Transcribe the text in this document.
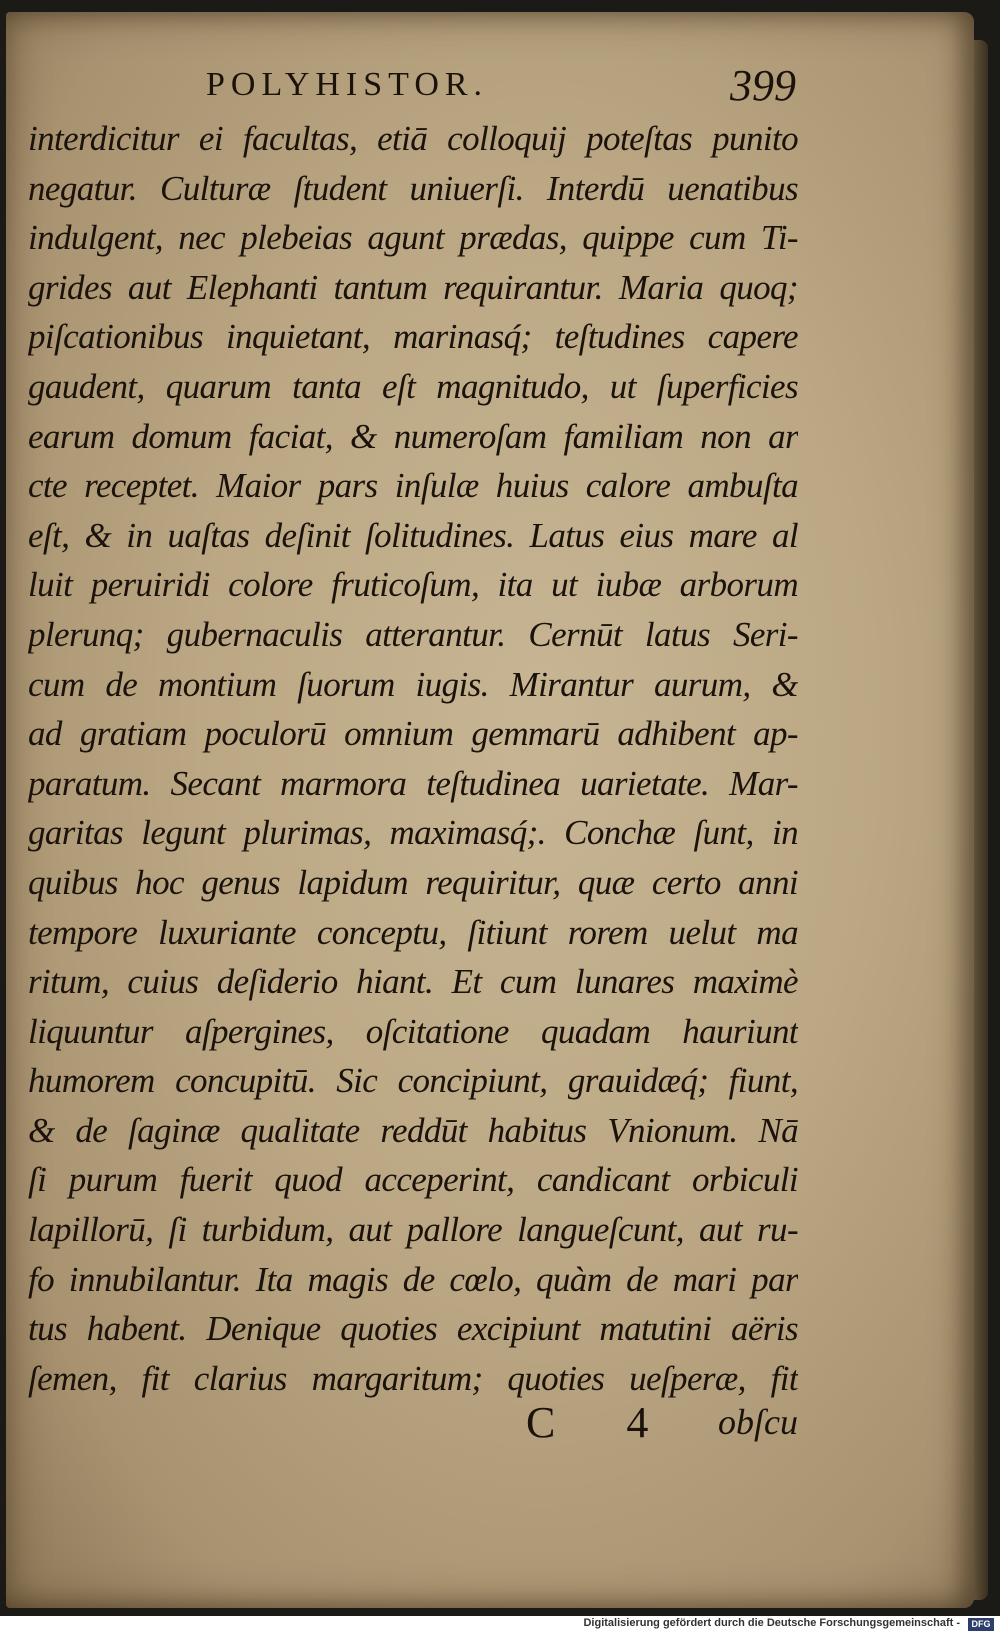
POLYHISTOR.	399
interdicitur ei facultas, etiā colloquij poteſtas punito
negatur. Culturæ ſtudent uniuerſi. Interdū uenatibus
indulgent, nec plebeias agunt prædas, quippe cum Ti-
grides aut Elephanti tantum requirantur. Maria quoq;
piſcationibus inquietant, marinasq́; teſtudines capere
gaudent, quarum tanta eſt magnitudo, ut ſuperficies
earum domum faciat, & numeroſam familiam non ar
cte receptet. Maior pars inſulæ huius calore ambuſta
eſt, & in uaſtas deſinit ſolitudines. Latus eius mare al
luit peruiridi colore fruticoſum, ita ut iubæ arborum
plerunq; gubernaculis atterantur. Cernūt latus Seri-
cum de montium ſuorum iugis. Mirantur aurum, &
ad gratiam poculorū omnium gemmarū adhibent ap-
paratum. Secant marmora teſtudinea uarietate. Mar-
garitas legunt plurimas, maximasq́;. Conchæ ſunt, in
quibus hoc genus lapidum requiritur, quæ certo anni
tempore luxuriante conceptu, ſitiunt rorem uelut ma
ritum, cuius deſiderio hiant. Et cum lunares maximè
liquuntur aſpergines, oſcitatione quadam hauriunt
humorem concupitū. Sic concipiunt, grauidæq́; fiunt,
& de ſaginæ qualitate reddūt habitus Vnionum. Nā
ſi purum fuerit quod acceperint, candicant orbiculi
lapillorū, ſi turbidum, aut pallore langueſcunt, aut ru-
fo innubilantur. Ita magis de cœlo, quàm de mari par
tus habent. Denique quoties excipiunt matutini aëris
ſemen, fit clarius margaritum; quoties ueſperæ, fit
C 4 obſcu
Digitalisierung gefördert durch die Deutsche Forschungsgemeinschaft -	DFG
